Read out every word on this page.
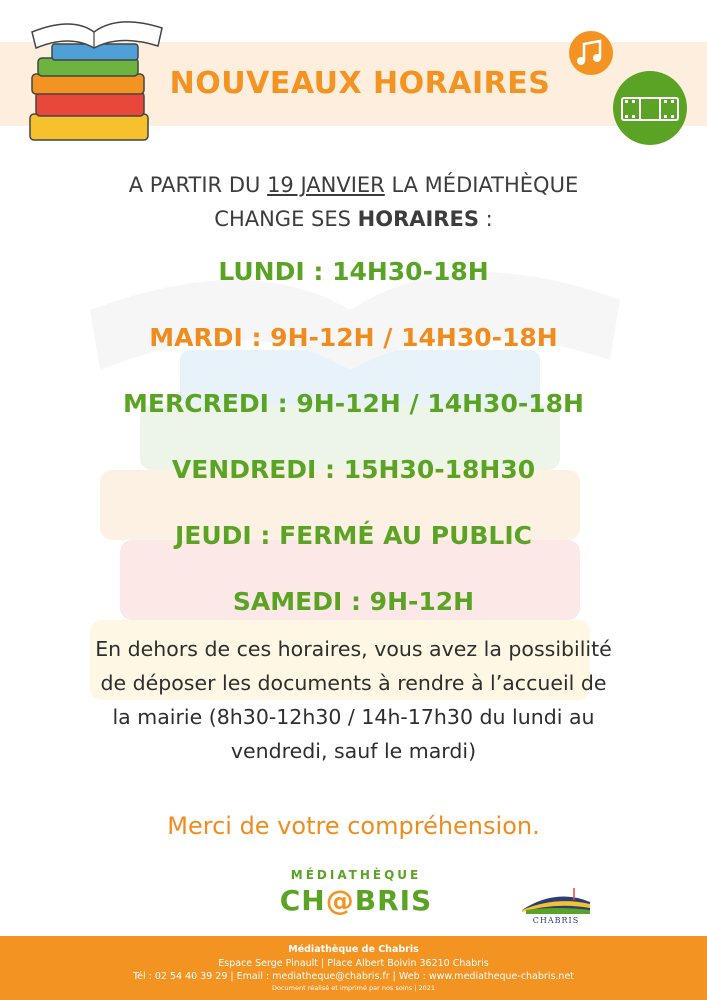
NOUVEAUX HORAIRES
A PARTIR DU 19 JANVIER LA MÉDIATHÈQUE
CHANGE SES HORAIRES :
LUNDI : 14H30-18H
MARDI : 9H-12H / 14H30-18H
MERCREDI : 9H-12H / 14H30-18H
VENDREDI : 15H30-18H30
JEUDI : FERMÉ AU PUBLIC
SAMEDI : 9H-12H
En dehors de ces horaires, vous avez la possibilité
de déposer les documents à rendre à l’accueil de
la mairie (8h30-12h30 / 14h-17h30 du lundi au
vendredi, sauf le mardi)
Merci de votre compréhension.
MÉDIATHÈQUE
CH@BRIS
CHABRIS
Médiathèque de Chabris
Espace Serge Pinault | Place Albert Boivin 36210 Chabris
Tél : 02 54 40 39 29 | Email : mediatheque@chabris.fr | Web : www.mediatheque-chabris.net
Document réalisé et imprimé par nos soins | 2021
